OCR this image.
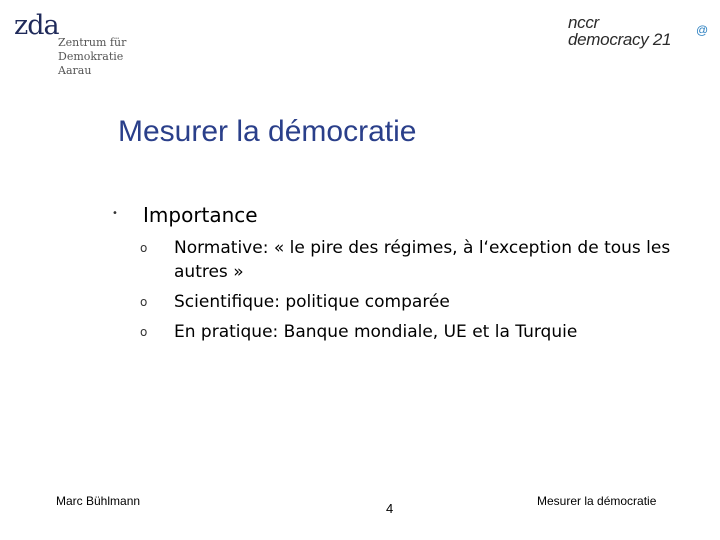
zda
Zentrum für
Demokratie
Aarau
nccr
democracy 21 @
Mesurer la démocratie
• Importance
o Normative: « le pire des régimes, à l‘exception de tous les autres »
o Scientifique: politique comparée
o En pratique: Banque mondiale, UE et la Turquie
Marc Bühlmann	4	Mesurer la démocratie
